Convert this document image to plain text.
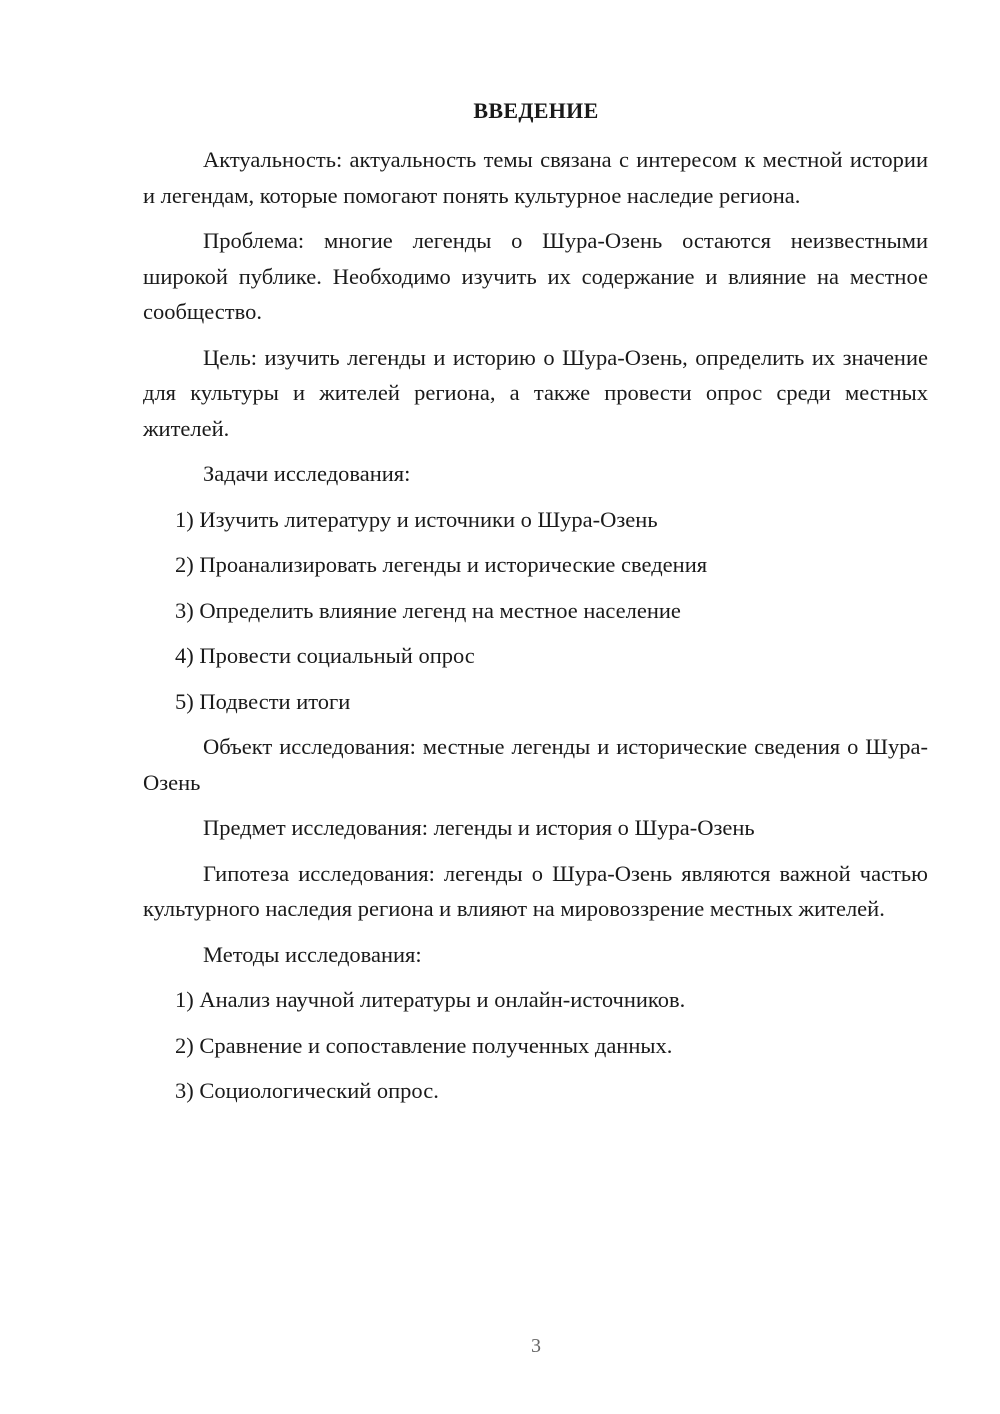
ВВЕДЕНИЕ

Актуальность: актуальность темы связана с интересом к местной истории и легендам, которые помогают понять культурное наследие региона.

Проблема: многие легенды о Шура-Озень остаются неизвестными широкой публике. Необходимо изучить их содержание и влияние на местное сообщество.

Цель: изучить легенды и историю о Шура-Озень, определить их значение для культуры и жителей региона, а также провести опрос среди местных жителей.

Задачи исследования:

1) Изучить литературу и источники о Шура-Озень

2) Проанализировать легенды и исторические сведения

3) Определить влияние легенд на местное население

4) Провести социальный опрос

5) Подвести итоги

Объект исследования: местные легенды и исторические сведения о Шура-Озень

Предмет исследования: легенды и история о Шура-Озень

Гипотеза исследования: легенды о Шура-Озень являются важной частью культурного наследия региона и влияют на мировоззрение местных жителей.

Методы исследования:

1) Анализ научной литературы и онлайн-источников.

2) Сравнение и сопоставление полученных данных.

3) Социологический опрос.

3
